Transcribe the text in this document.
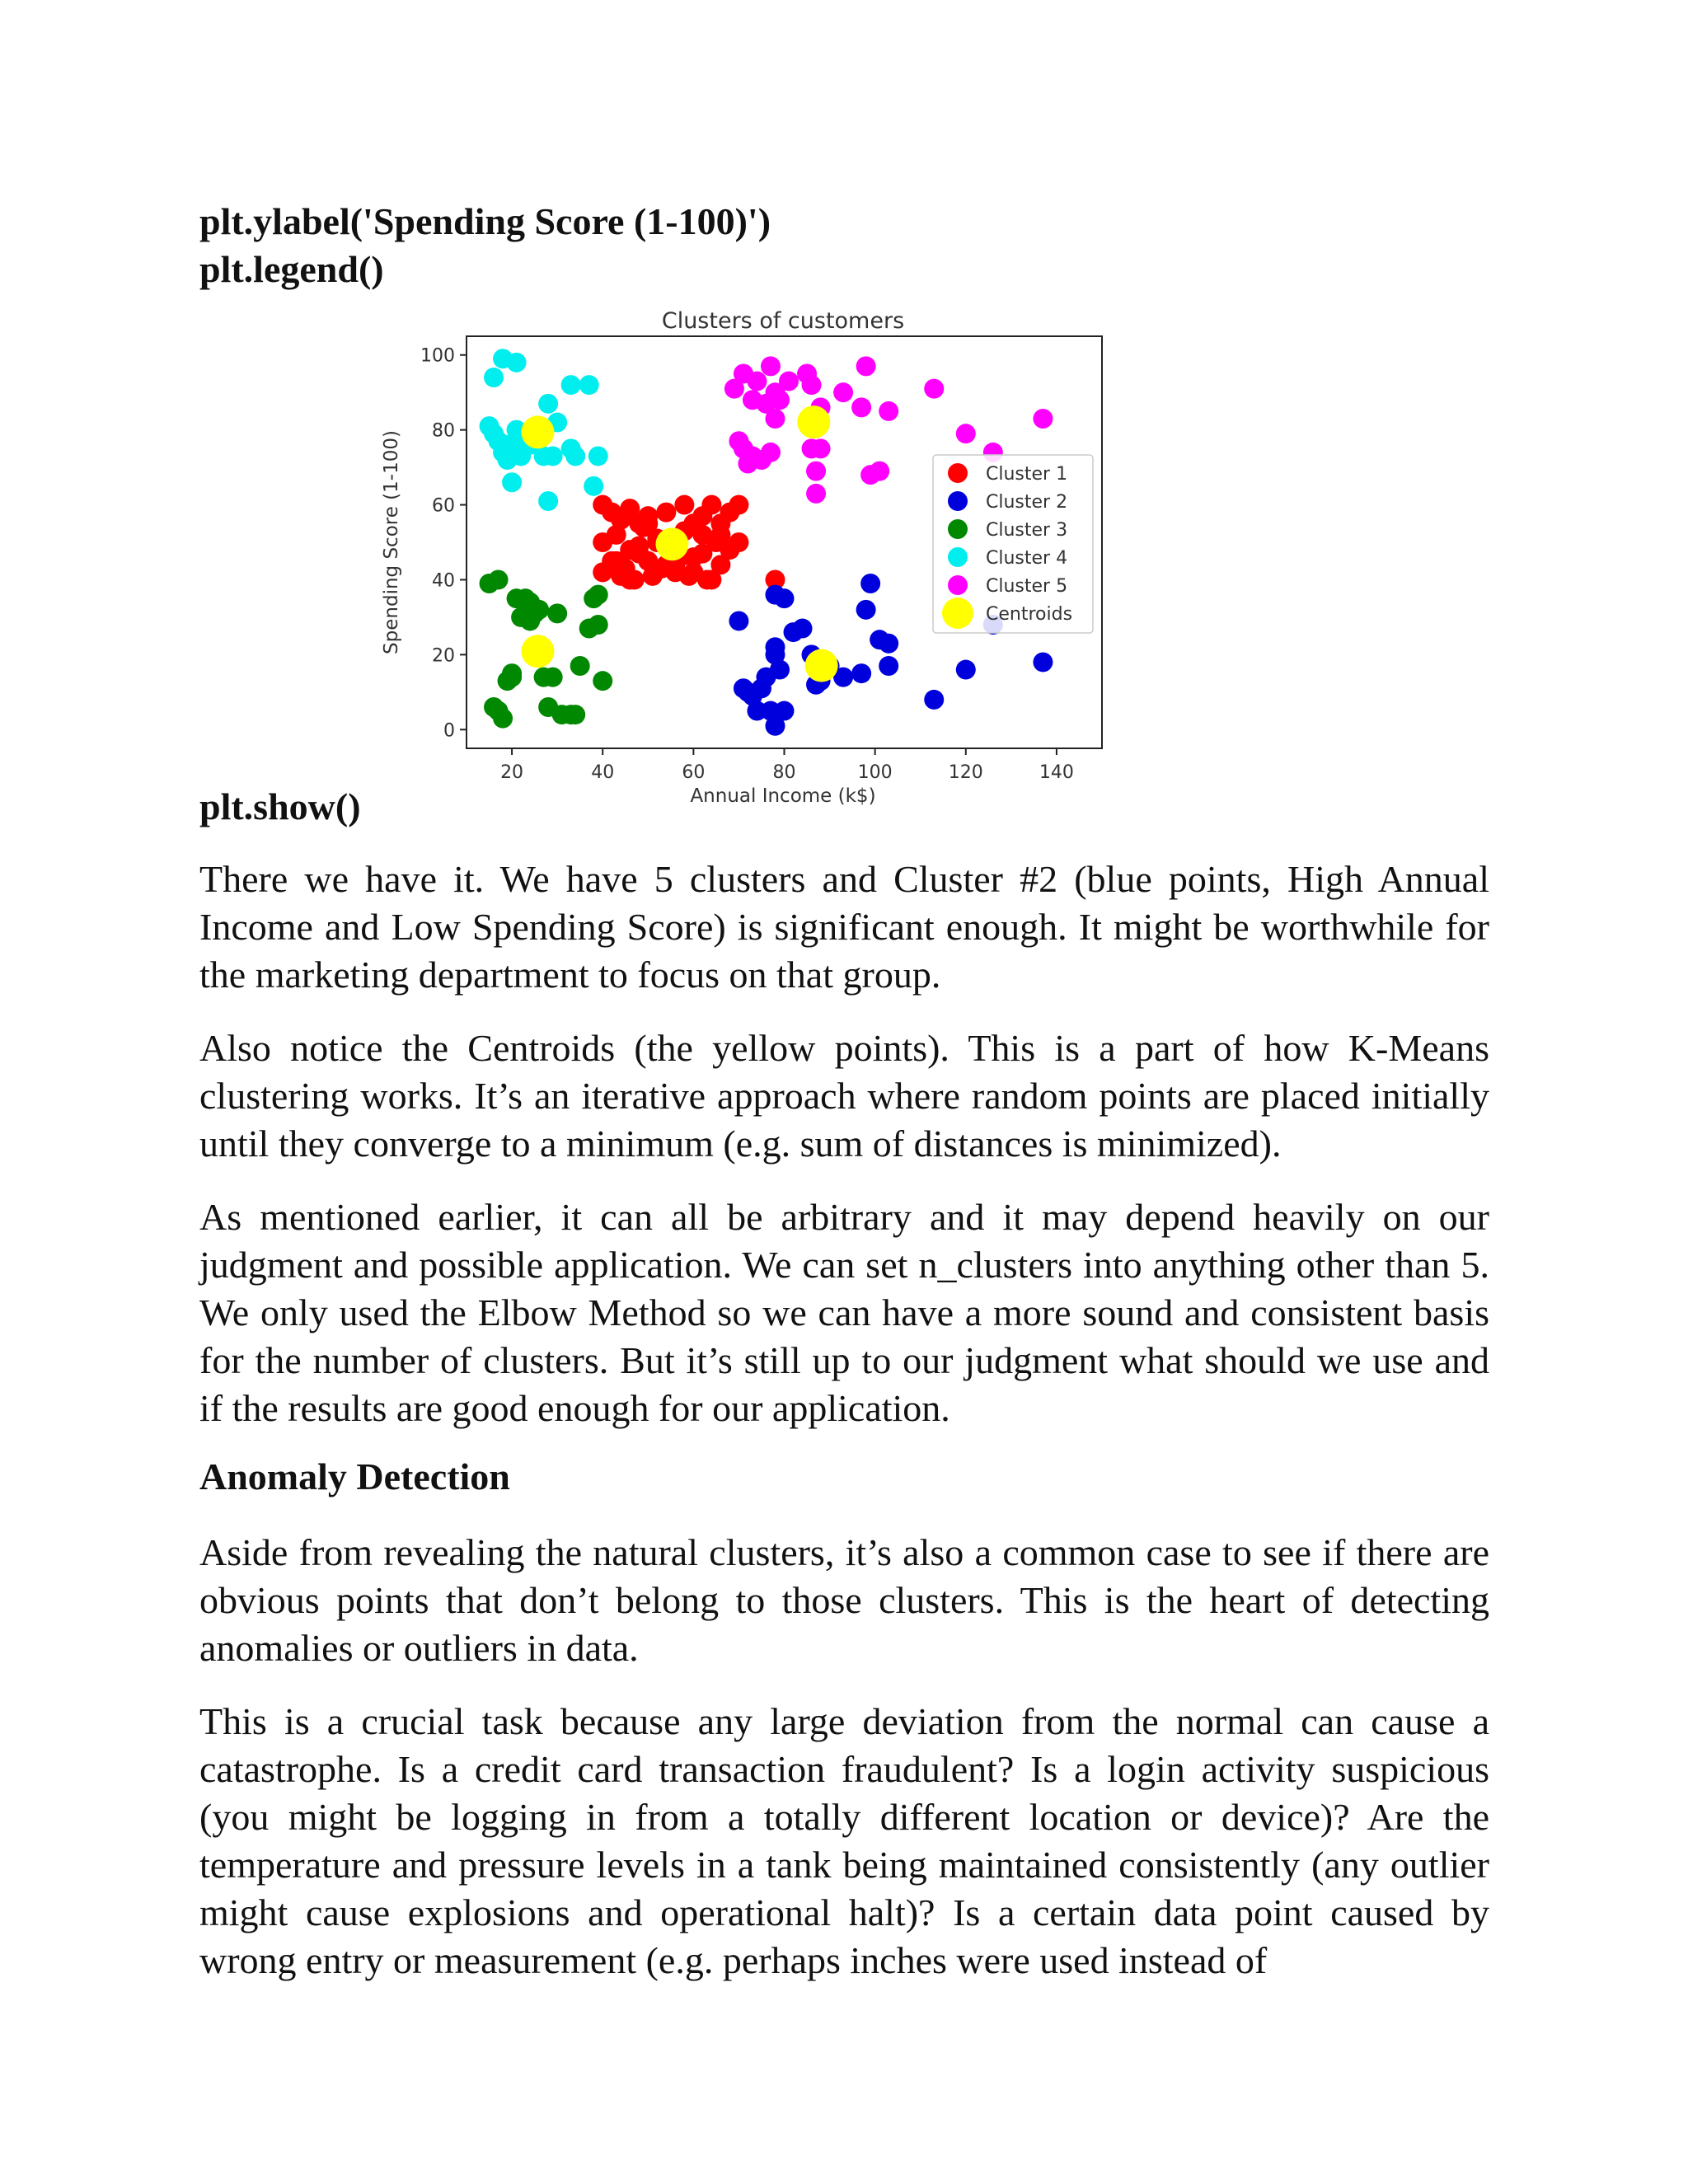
plt.ylabel('Spending Score (1-100)')

plt.legend()

Clusters of customers
20	40	60	80	100	120	140
0
20
40
60
80
100
Annual Income (k$)
Spending Score (1-100)	Cluster 1
Cluster 2
Cluster 3
Cluster 4
Cluster 5
Centroids

plt.show()

There we have it. We have 5 clusters and Cluster #2 (blue points, High Annual Income and Low Spending Score) is significant enough. It might be worthwhile for the marketing department to focus on that group.

Also notice the Centroids (the yellow points). This is a part of how K-Means clustering works. It’s an iterative approach where random points are placed initially until they converge to a minimum (e.g. sum of distances is minimized).

As mentioned earlier, it can all be arbitrary and it may depend heavily on our judgment and possible application. We can set n_clusters into anything other than 5. We only used the Elbow Method so we can have a more sound and consistent basis for the number of clusters. But it’s still up to our judgment what should we use and if the results are good enough for our application.

Anomaly Detection

Aside from revealing the natural clusters, it’s also a common case to see if there are obvious points that don’t belong to those clusters. This is the heart of detecting anomalies or outliers in data.

This is a crucial task because any large deviation from the normal can cause a catastrophe. Is a credit card transaction fraudulent? Is a login activity suspicious (you might be logging in from a totally different location or device)? Are the temperature and pressure levels in a tank being maintained consistently (any outlier might cause explosions and operational halt)? Is a certain data point caused by wrong entry or measurement (e.g. perhaps inches were used instead of
